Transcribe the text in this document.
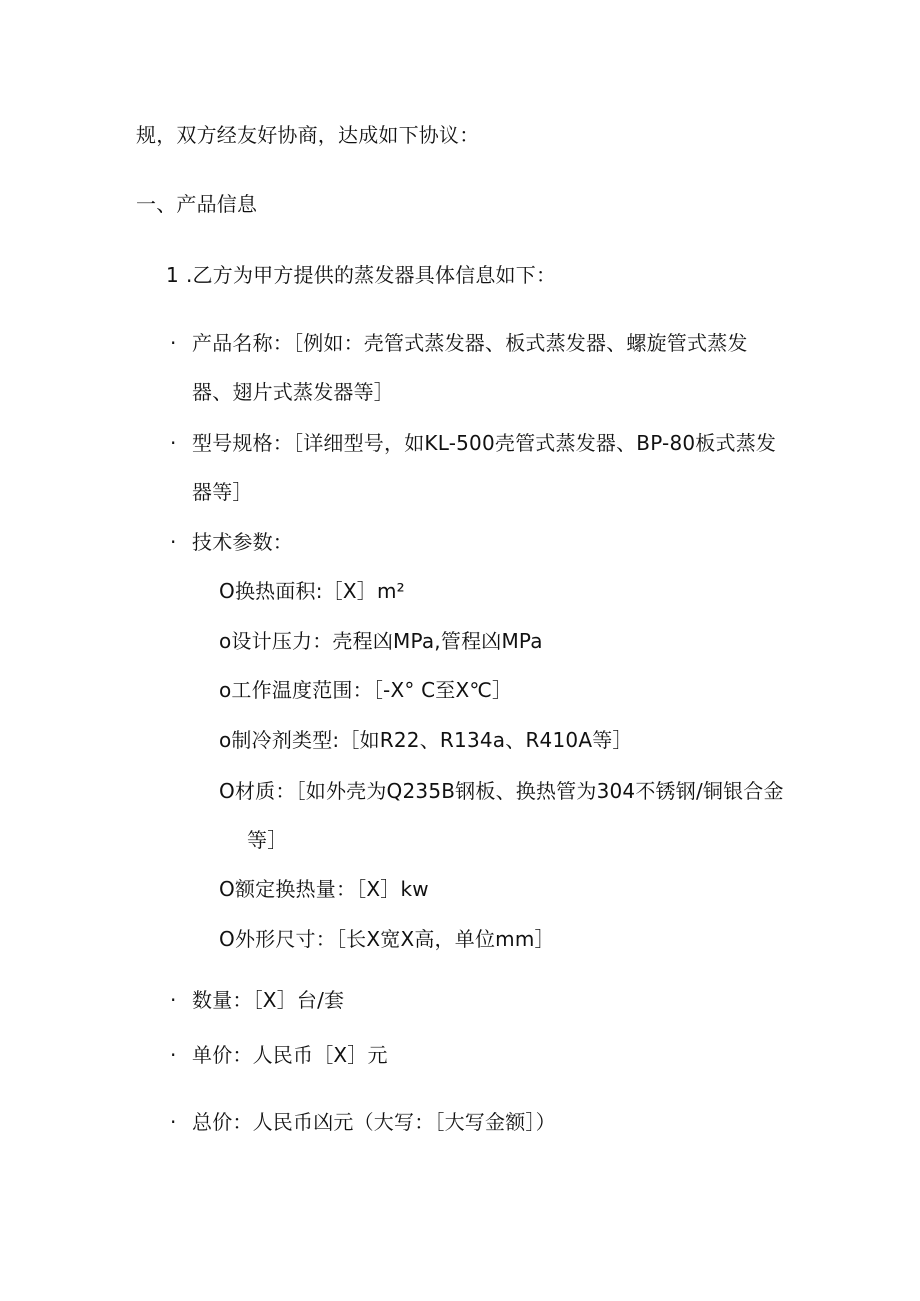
规，双方经友好协商，达成如下协议：
一、产品信息
1 .乙方为甲方提供的蒸发器具体信息如下：
· 产品名称：［例如：壳管式蒸发器、板式蒸发器、螺旋管式蒸发
器、翅片式蒸发器等］
· 型号规格：［详细型号，如KL-500壳管式蒸发器、BP-80板式蒸发
器等］
· 技术参数：
O换热面积:［X］m²
o设计压力：壳程凶MPa,管程凶MPa
o工作温度范围：［-X° C至X℃］
o制冷剂类型:［如R22、R134a、R410A等］
O材质：［如外壳为Q235B钢板、换热管为304不锈钢/铜银合金
等］
O额定换热量：［X］kw
O外形尺寸：［长X宽X高，单位mm］
· 数量：［X］台/套
· 单价：人民币［X］元
· 总价：人民币凶元（大写：［大写金额］）
